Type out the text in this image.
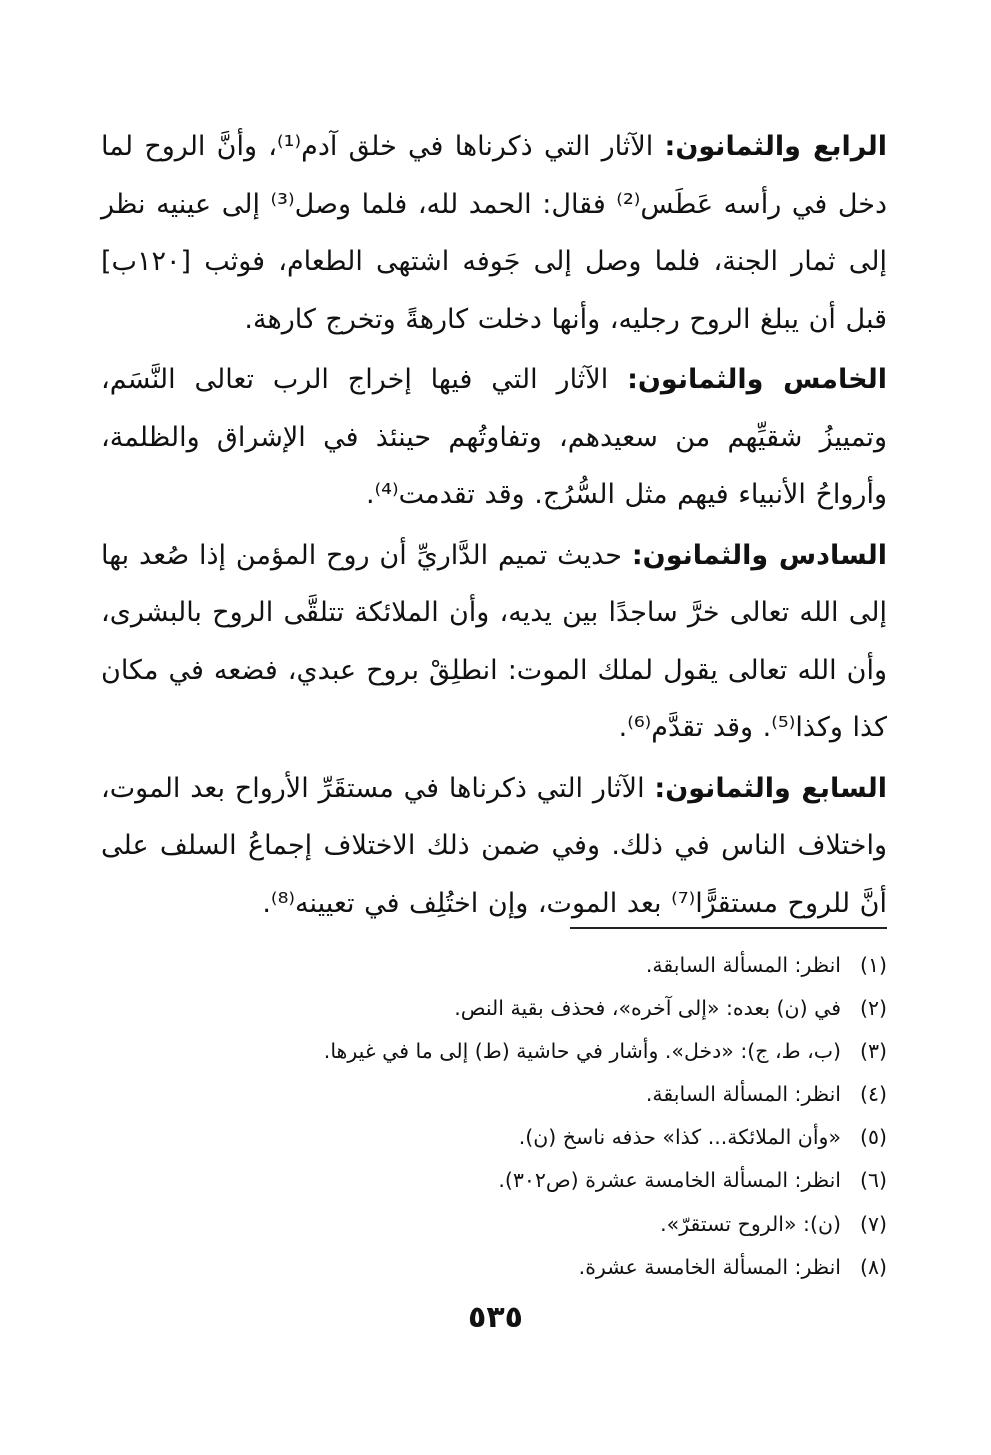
الرابع والثمانون: الآثار التي ذكرناها في خلق آدم⁽¹⁾، وأنَّ الروح لما دخل في رأسه عَطَس⁽²⁾ فقال: الحمد لله، فلما وصل⁽³⁾ إلى عينيه نظر إلى ثمار الجنة، فلما وصل إلى جَوفه اشتهى الطعام، فوثب [١٢٠ب] قبل أن يبلغ الروح رجليه، وأنها دخلت كارهةً وتخرج كارهة.

الخامس والثمانون: الآثار التي فيها إخراج الرب تعالى النَّسَم، وتمييزُ شقيِّهم من سعيدهم، وتفاوتُهم حينئذ في الإشراق والظلمة، وأرواحُ الأنبياء فيهم مثل السُّرُج. وقد تقدمت⁽⁴⁾.

السادس والثمانون: حديث تميم الدَّاريِّ أن روح المؤمن إذا صُعد بها إلى الله تعالى خرَّ ساجدًا بين يديه، وأن الملائكة تتلقَّى الروح بالبشرى، وأن الله تعالى يقول لملك الموت: انطلِقْ بروح عبدي، فضعه في مكان كذا وكذا⁽⁵⁾. وقد تقدَّم⁽⁶⁾.

السابع والثمانون: الآثار التي ذكرناها في مستقَرِّ الأرواح بعد الموت، واختلاف الناس في ذلك. وفي ضمن ذلك الاختلاف إجماعُ السلف على أنَّ للروح مستقرًّا⁽⁷⁾ بعد الموت، وإن اختُلِف في تعيينه⁽⁸⁾.

(١)
انظر: المسألة السابقة.
(٢)
في (ن) بعده: «إلى آخره»، فحذف بقية النص.
(٣)
(ب، ط، ج): «دخل». وأشار في حاشية (ط) إلى ما في غيرها.
(٤)
انظر: المسألة السابقة.
(٥)
«وأن الملائكة... كذا» حذفه ناسخ (ن).
(٦)
انظر: المسألة الخامسة عشرة (ص٣٠٢).
(٧)
(ن): «الروح تستقرّ».
(٨)
انظر: المسألة الخامسة عشرة.
٥٣٥
